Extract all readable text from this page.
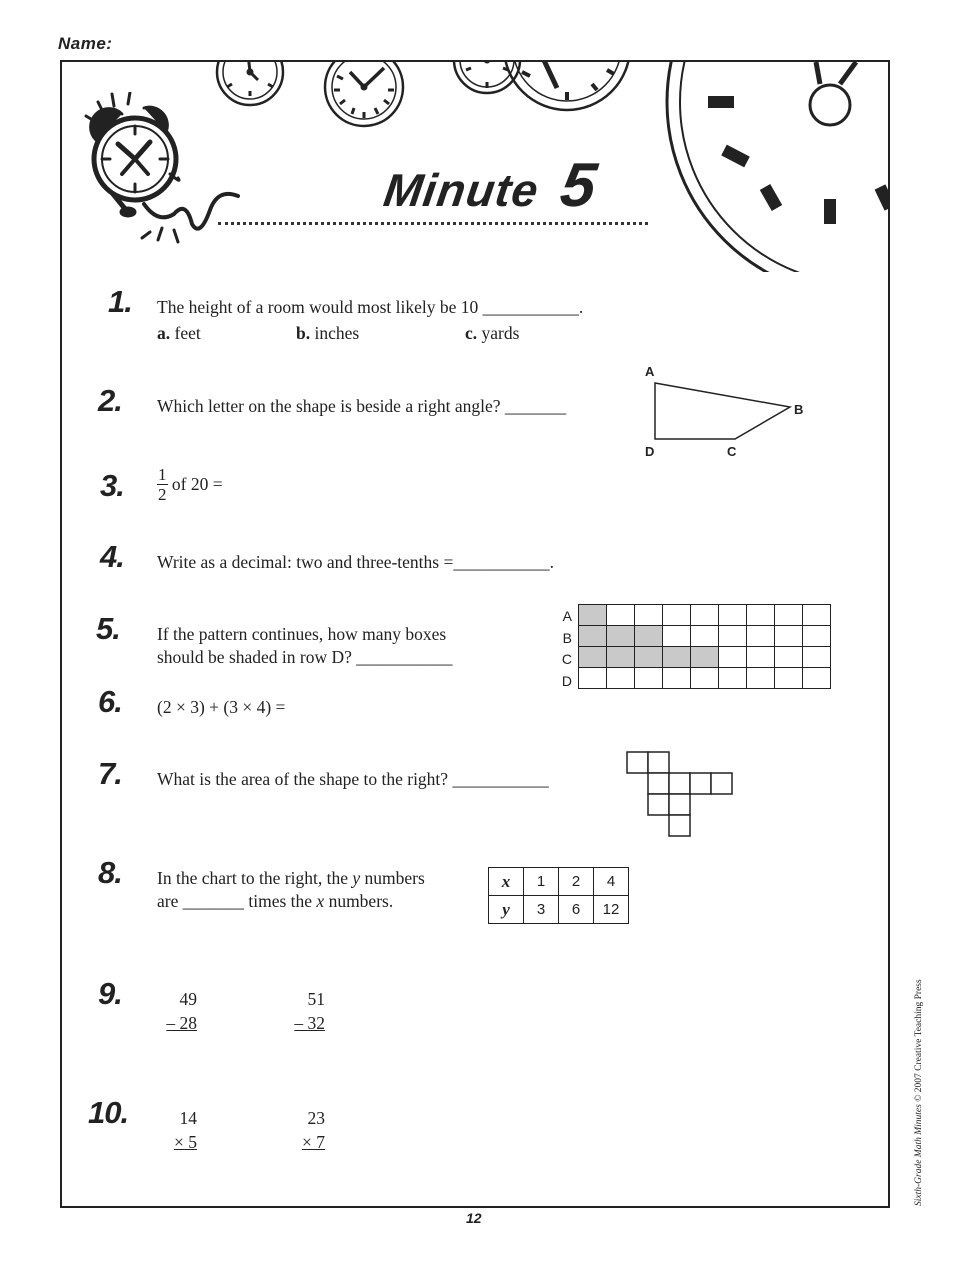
Name:
Minute 5
1. The height of a room would most likely be 10 ___________.
a. feet	b. inches	c. yards
2. Which letter on the shape is beside a right angle? _______
A
B
C
D
3. $\frac{1}{2}$ of 20 =
4. Write as a decimal: two and three-tenths =___________.
5. If the pattern continues, how many boxes
should be shaded in row D? ___________
A
B
C
D

6. (2 × 3) + (3 × 4) =
7. What is the area of the shape to the right? ___________
8. In the chart to the right, the y numbers
are _______ times the x numbers.
x	1	2	4
y	3	6	12
9.	49
– 28
51
– 32
10.	14
× 5
23
× 7
12
Sixth-Grade Math Minutes © 2007 Creative Teaching Press
